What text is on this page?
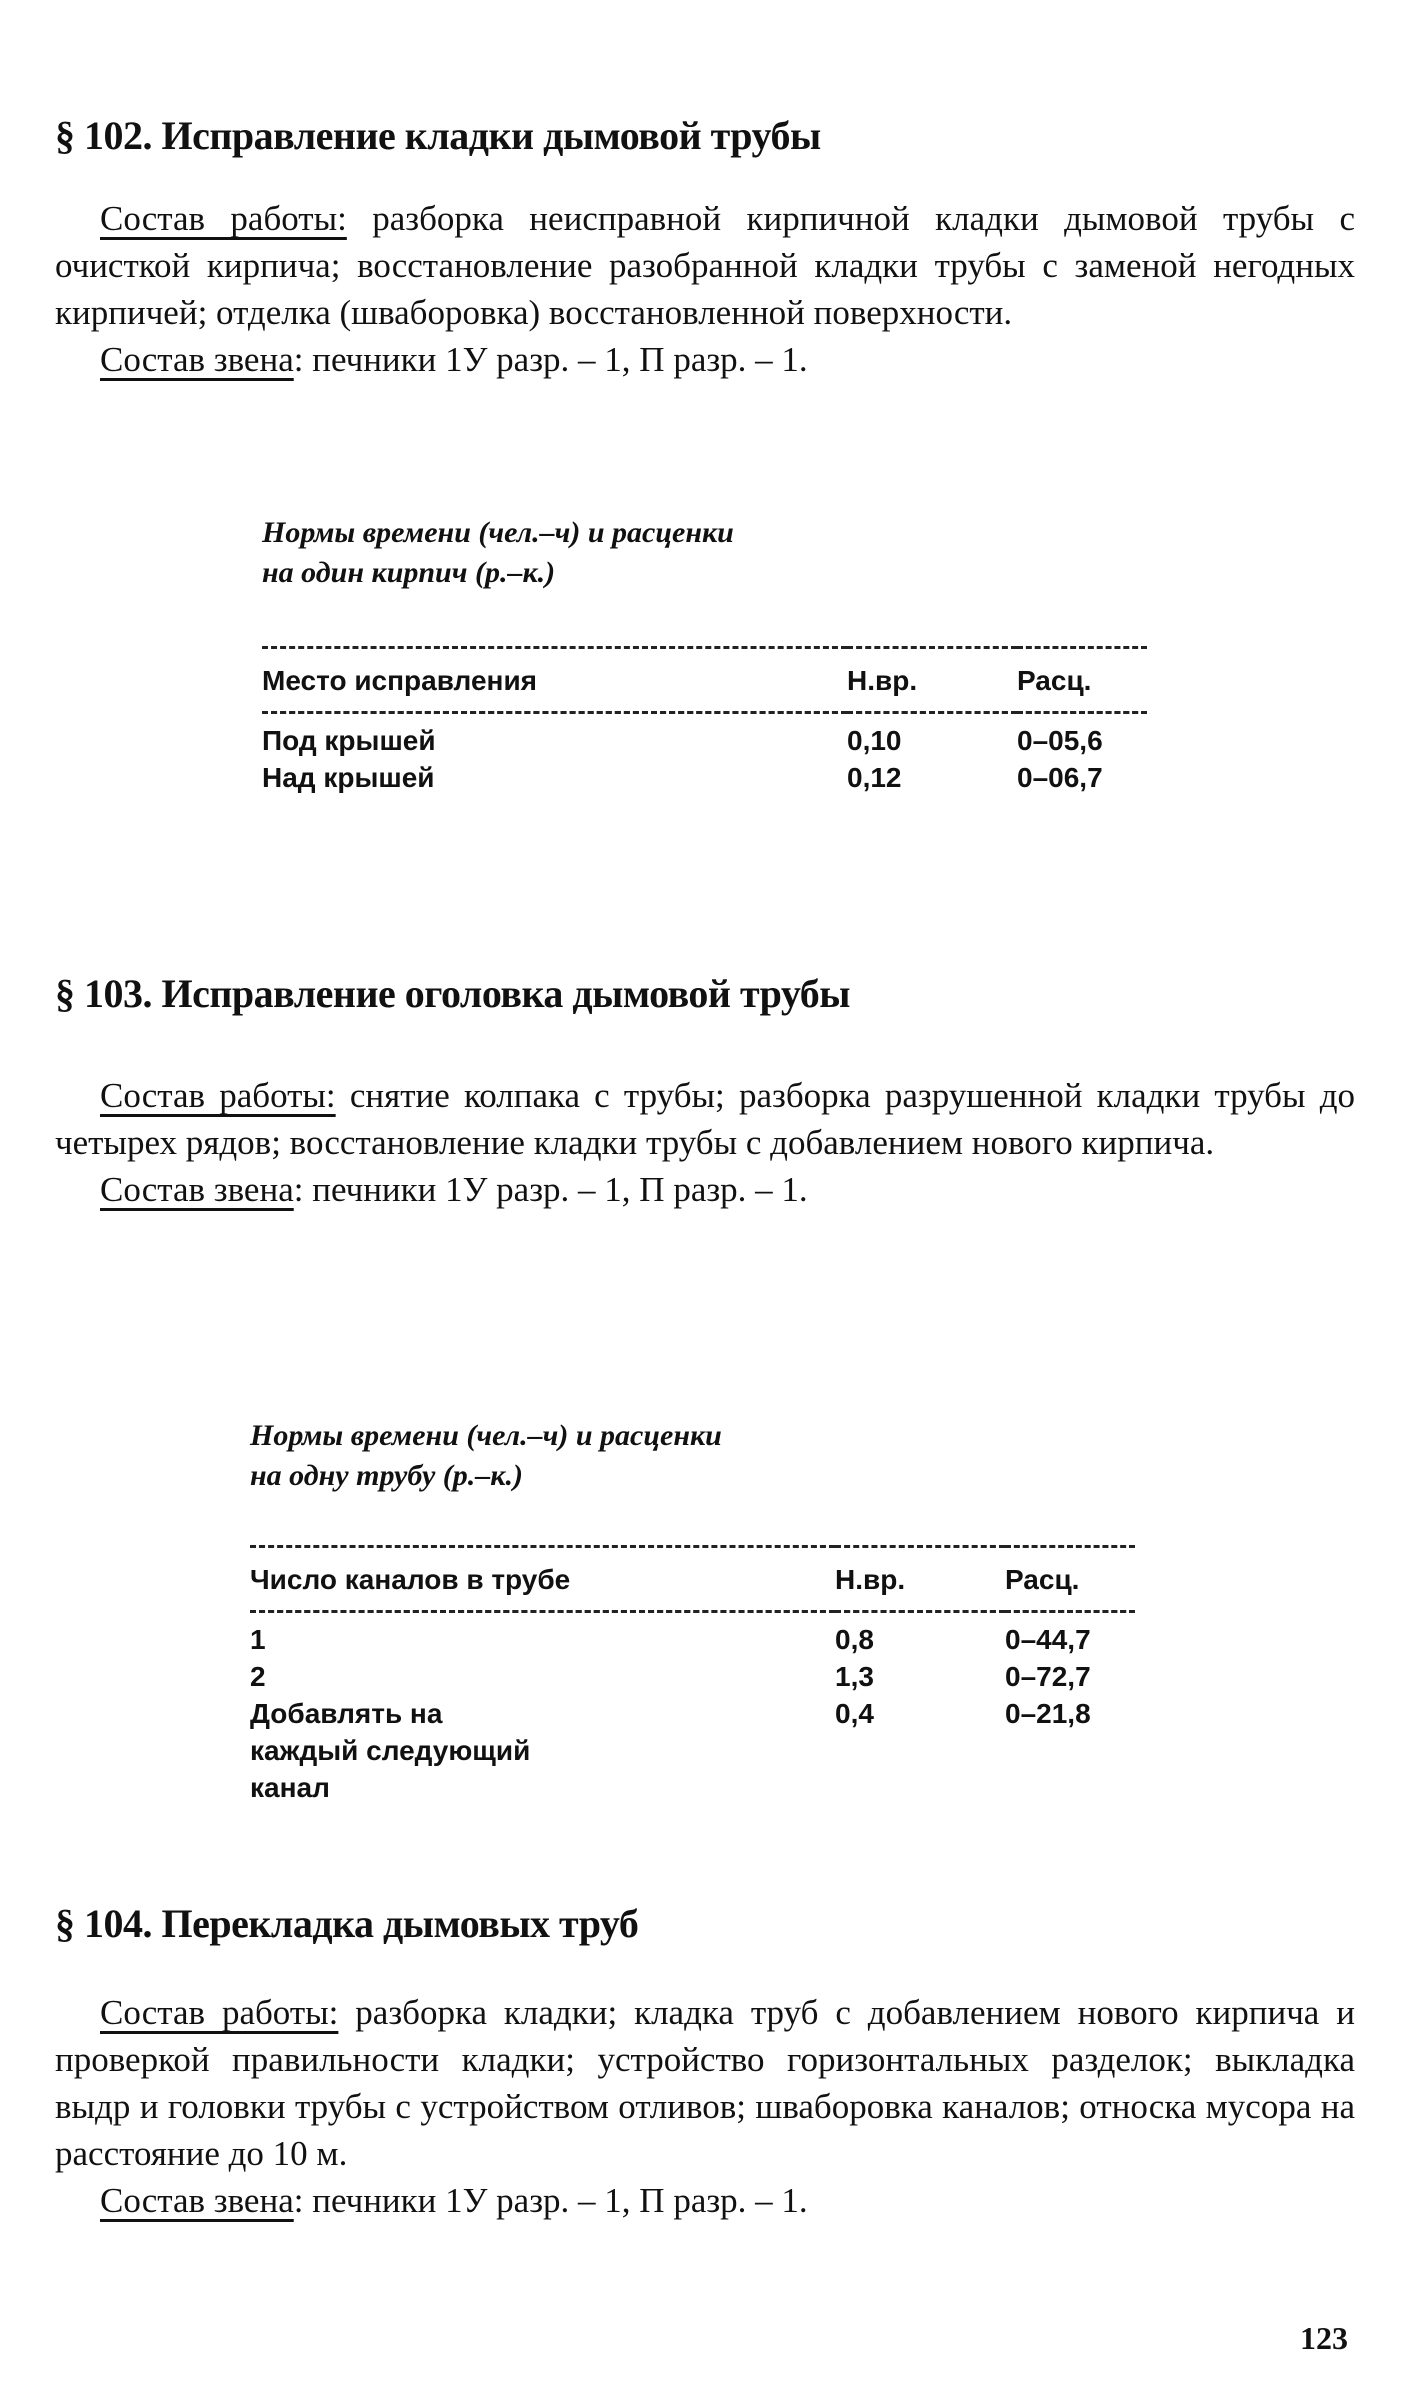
§ 102. Исправление кладки дымовой трубы

Состав работы: разборка неисправной кирпичной кладки дымовой трубы с очисткой кирпича; восстановление разобранной кладки трубы с заменой негодных кирпичей; отделка (шваборовка) восстановленной поверхности.

Состав звена: печники 1У разр. – 1, П разр. – 1.

Нормы времени (чел.–ч) и расценки
на один кирпич (р.–к.)

Место исправления	Н.вр.	Расц.
Под крышей	0,10	0–05,6
Над крышей	0,12	0–06,7
§ 103. Исправление оголовка дымовой трубы

Состав работы: снятие колпака с трубы; разборка разрушенной кладки трубы до четырех рядов; восстановление кладки трубы с добавлением нового кирпича.

Состав звена: печники 1У разр. – 1, П разр. – 1.

Нормы времени (чел.–ч) и расценки
на одну трубу (р.–к.)

Число каналов в трубе	Н.вр.	Расц.
1	0,8	0–44,7
2	1,3	0–72,7
Добавлять на каждый следующий канал	0,4	0–21,8
§ 104. Перекладка дымовых труб

Состав работы: разборка кладки; кладка труб с добавлением нового кирпича и проверкой правильности кладки; устройство горизонтальных разделок; выкладка выдр и головки трубы с устройством отливов; шваборовка каналов; относка мусора на расстояние до 10 м.

Состав звена: печники 1У разр. – 1, П разр. – 1.

123
